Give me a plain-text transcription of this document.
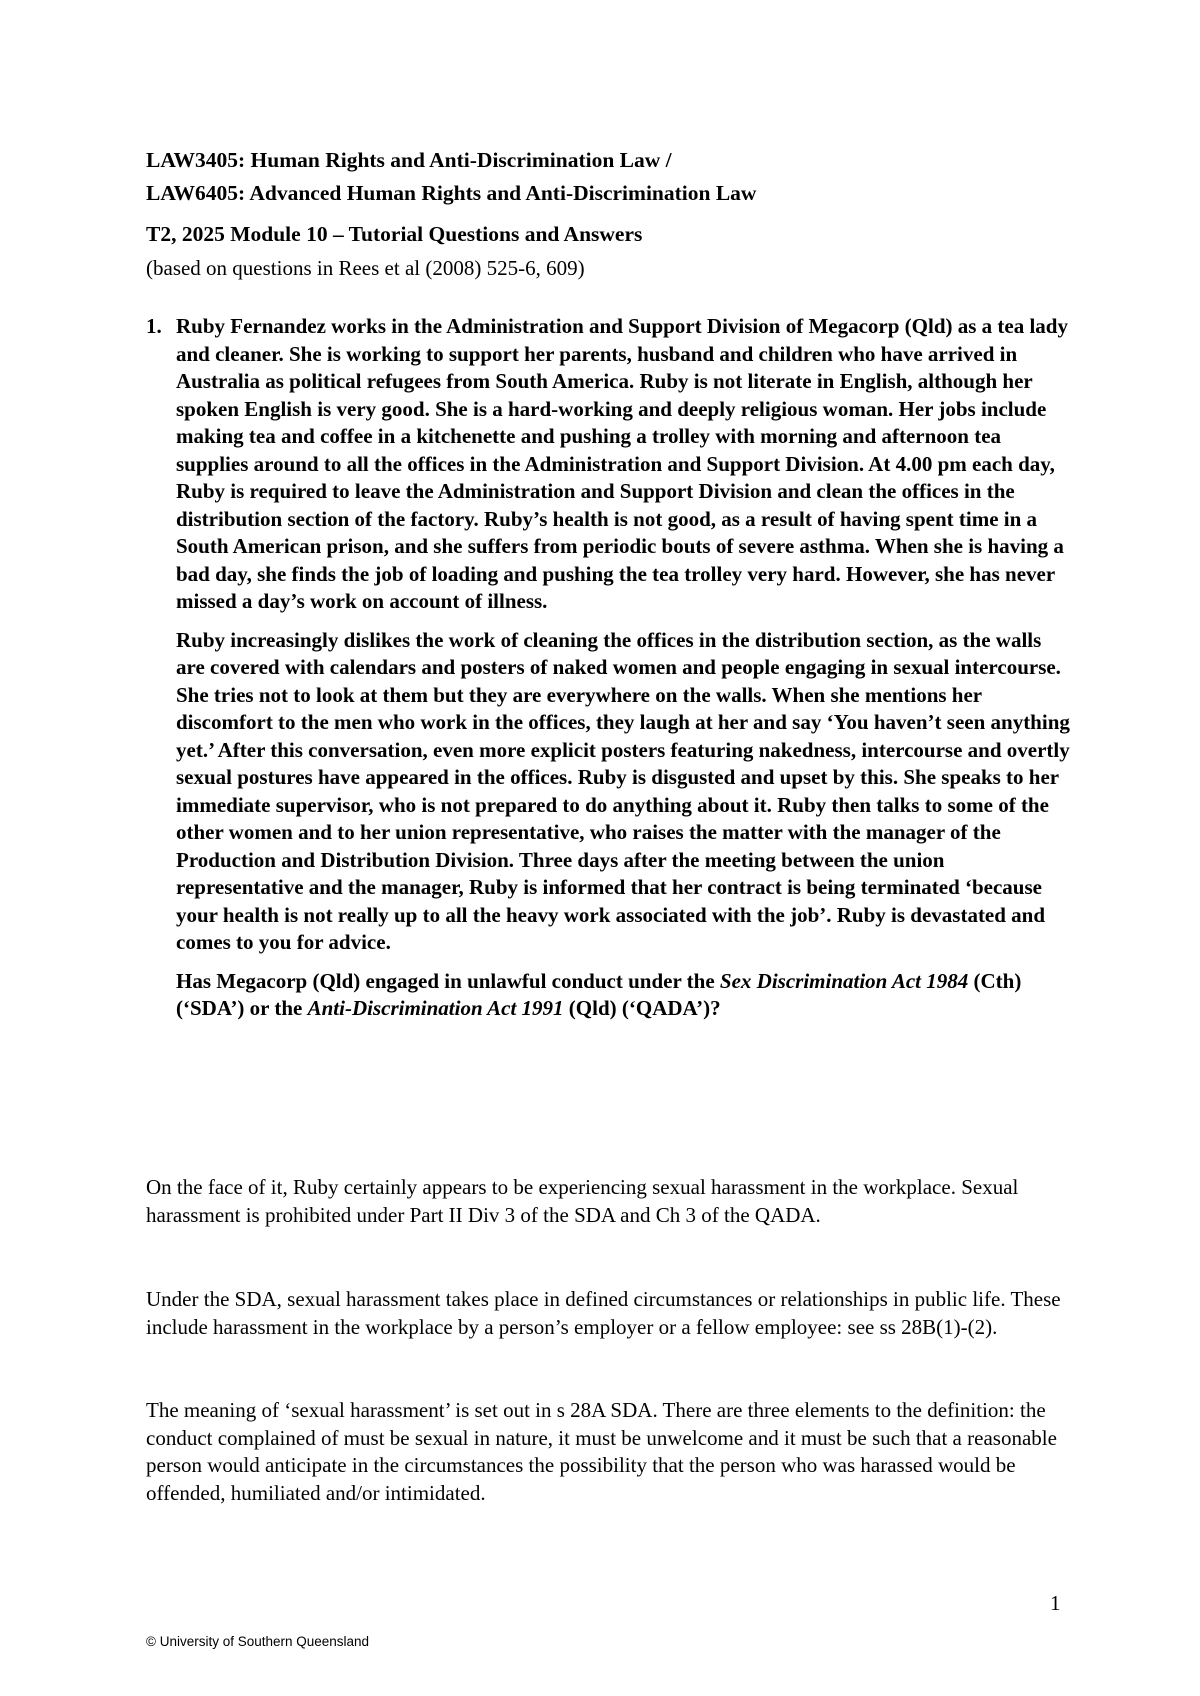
LAW3405: Human Rights and Anti-Discrimination Law /
LAW6405: Advanced Human Rights and Anti-Discrimination Law
T2, 2025 Module 10 – Tutorial Questions and Answers
(based on questions in Rees et al (2008) 525-6, 609)
1. Ruby Fernandez works in the Administration and Support Division of Megacorp (Qld) as a tea lady and cleaner. She is working to support her parents, husband and children who have arrived in Australia as political refugees from South America. Ruby is not literate in English, although her spoken English is very good. She is a hard-working and deeply religious woman. Her jobs include making tea and coffee in a kitchenette and pushing a trolley with morning and afternoon tea supplies around to all the offices in the Administration and Support Division. At 4.00 pm each day, Ruby is required to leave the Administration and Support Division and clean the offices in the distribution section of the factory. Ruby’s health is not good, as a result of having spent time in a South American prison, and she suffers from periodic bouts of severe asthma. When she is having a bad day, she finds the job of loading and pushing the tea trolley very hard. However, she has never missed a day’s work on account of illness.

Ruby increasingly dislikes the work of cleaning the offices in the distribution section, as the walls are covered with calendars and posters of naked women and people engaging in sexual intercourse. She tries not to look at them but they are everywhere on the walls. When she mentions her discomfort to the men who work in the offices, they laugh at her and say ‘You haven’t seen anything yet.’ After this conversation, even more explicit posters featuring nakedness, intercourse and overtly sexual postures have appeared in the offices. Ruby is disgusted and upset by this. She speaks to her immediate supervisor, who is not prepared to do anything about it. Ruby then talks to some of the other women and to her union representative, who raises the matter with the manager of the Production and Distribution Division. Three days after the meeting between the union representative and the manager, Ruby is informed that her contract is being terminated ‘because your health is not really up to all the heavy work associated with the job’. Ruby is devastated and comes to you for advice.

Has Megacorp (Qld) engaged in unlawful conduct under the Sex Discrimination Act 1984 (Cth) (‘SDA’) or the Anti-Discrimination Act 1991 (Qld) (‘QADA’)?

On the face of it, Ruby certainly appears to be experiencing sexual harassment in the workplace. Sexual harassment is prohibited under Part II Div 3 of the SDA and Ch 3 of the QADA.

Under the SDA, sexual harassment takes place in defined circumstances or relationships in public life. These include harassment in the workplace by a person’s employer or a fellow employee: see ss 28B(1)-(2).

The meaning of ‘sexual harassment’ is set out in s 28A SDA. There are three elements to the definition: the conduct complained of must be sexual in nature, it must be unwelcome and it must be such that a reasonable person would anticipate in the circumstances the possibility that the person who was harassed would be offended, humiliated and/or intimidated.

1
© University of Southern Queensland
